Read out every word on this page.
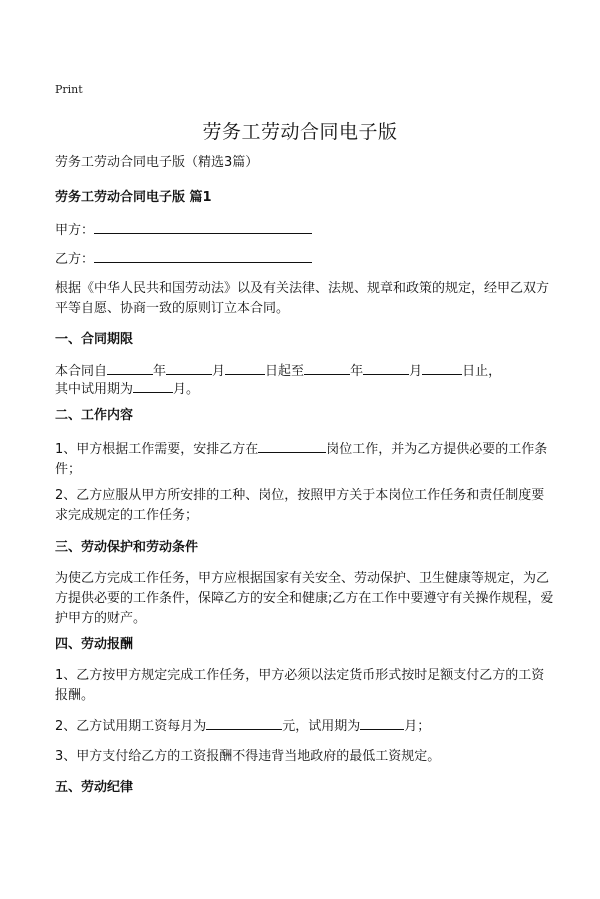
Print
劳务工劳动合同电子版
劳务工劳动合同电子版（精选3篇）
劳务工劳动合同电子版 篇1
甲方：
乙方：
根据《中华人民共和国劳动法》以及有关法律、法规、规章和政策的规定，经甲乙双方平等自愿、协商一致的原则订立本合同。
一、合同期限
本合同自	年	月	日起至	年	月	日止，
其中试用期为	月。
二、工作内容
1、甲方根据工作需要，安排乙方在	岗位工作，并为乙方提供必要的工作条件；
2、乙方应服从甲方所安排的工种、岗位，按照甲方关于本岗位工作任务和责任制度要求完成规定的工作任务；
三、劳动保护和劳动条件
为使乙方完成工作任务，甲方应根据国家有关安全、劳动保护、卫生健康等规定，为乙方提供必要的工作条件，保障乙方的安全和健康;乙方在工作中要遵守有关操作规程，爱护甲方的财产。
四、劳动报酬
1、乙方按甲方规定完成工作任务，甲方必须以法定货币形式按时足额支付乙方的工资报酬。
2、乙方试用期工资每月为	元，试用期为	月；
3、甲方支付给乙方的工资报酬不得违背当地政府的最低工资规定。
五、劳动纪律
